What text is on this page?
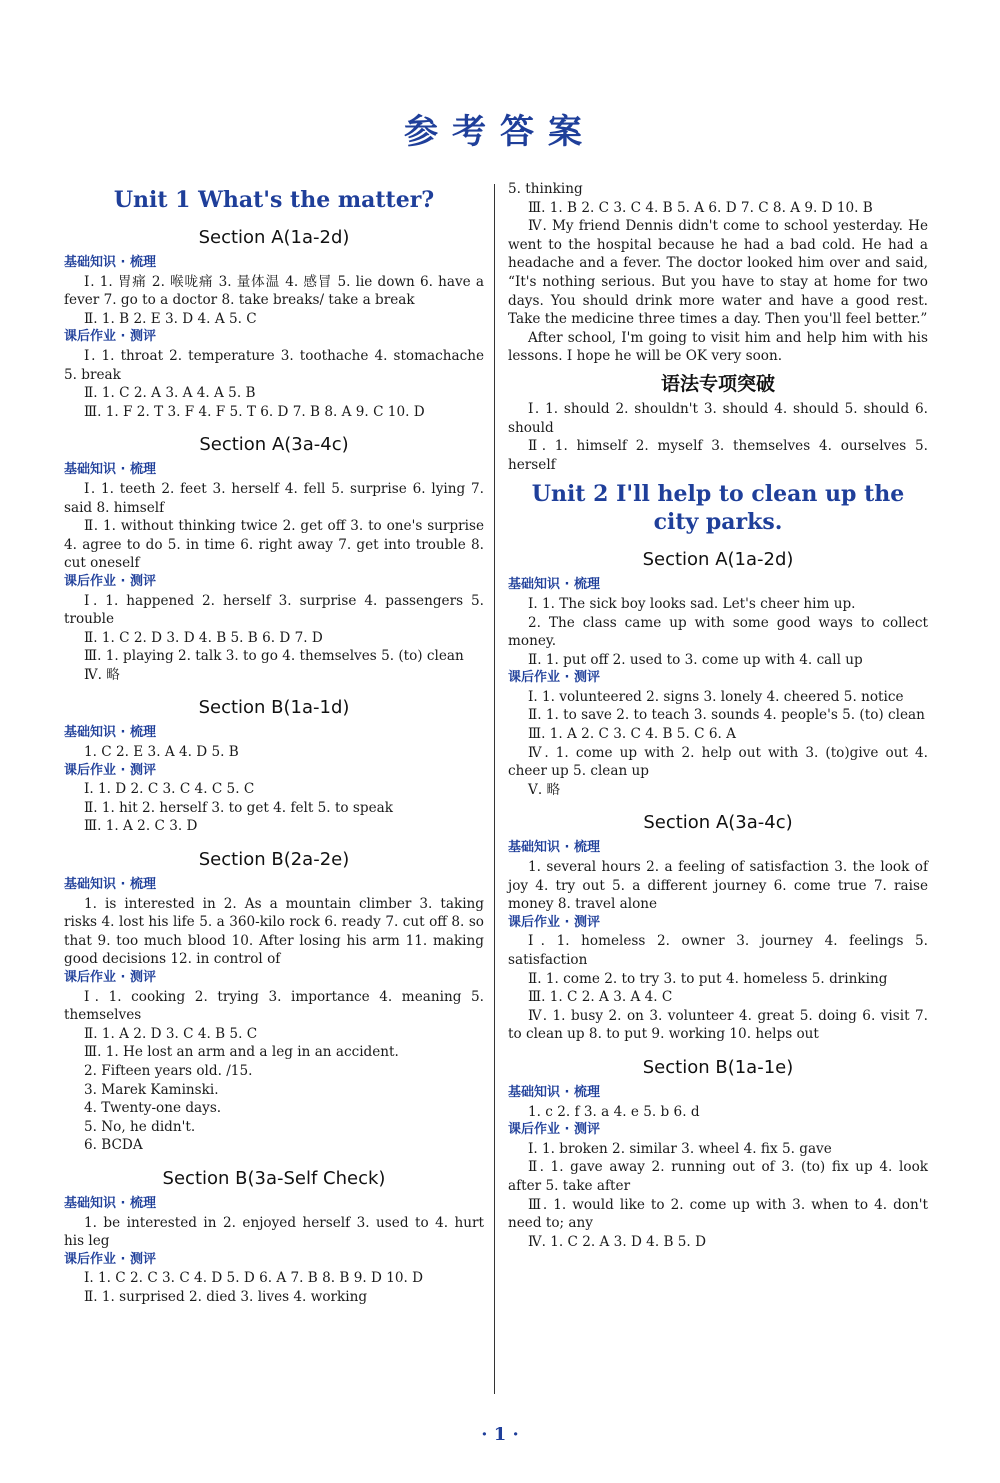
参考答案
Unit 1 What's the matter?
Section A(1a-2d)
基础知识 · 梳理
Ⅰ. 1. 胃痛 2. 喉咙痛 3. 量体温 4. 感冒 5. lie down 6. have a fever 7. go to a doctor 8. take breaks/ take a break
Ⅱ. 1. B 2. E 3. D 4. A 5. C
课后作业 · 测评
Ⅰ. 1. throat 2. temperature 3. toothache 4. stomachache 5. break
Ⅱ. 1. C 2. A 3. A 4. A 5. B
Ⅲ. 1. F 2. T 3. F 4. F 5. T 6. D 7. B 8. A 9. C 10. D
Section A(3a-4c)
基础知识 · 梳理
Ⅰ. 1. teeth 2. feet 3. herself 4. fell 5. surprise 6. lying 7. said 8. himself
Ⅱ. 1. without thinking twice 2. get off 3. to one's surprise 4. agree to do 5. in time 6. right away 7. get into trouble 8. cut oneself
课后作业 · 测评
Ⅰ. 1. happened 2. herself 3. surprise 4. passengers 5. trouble
Ⅱ. 1. C 2. D 3. D 4. B 5. B 6. D 7. D
Ⅲ. 1. playing 2. talk 3. to go 4. themselves 5. (to) clean
Ⅳ. 略
Section B(1a-1d)
基础知识 · 梳理
1. C 2. E 3. A 4. D 5. B
课后作业 · 测评
Ⅰ. 1. D 2. C 3. C 4. C 5. C
Ⅱ. 1. hit 2. herself 3. to get 4. felt 5. to speak
Ⅲ. 1. A 2. C 3. D
Section B(2a-2e)
基础知识 · 梳理
1. is interested in 2. As a mountain climber 3. taking risks 4. lost his life 5. a 360-kilo rock 6. ready 7. cut off 8. so that 9. too much blood 10. After losing his arm 11. making good decisions 12. in control of
课后作业 · 测评
Ⅰ. 1. cooking 2. trying 3. importance 4. meaning 5. themselves
Ⅱ. 1. A 2. D 3. C 4. B 5. C
Ⅲ. 1. He lost an arm and a leg in an accident.
2. Fifteen years old. /15.
3. Marek Kaminski.
4. Twenty-one days.
5. No, he didn't.
6. BCDA
Section B(3a-Self Check)
基础知识 · 梳理
1. be interested in 2. enjoyed herself 3. used to 4. hurt his leg
课后作业 · 测评
Ⅰ. 1. C 2. C 3. C 4. D 5. D 6. A 7. B 8. B 9. D 10. D
Ⅱ. 1. surprised 2. died 3. lives 4. working
5. thinking
Ⅲ. 1. B 2. C 3. C 4. B 5. A 6. D 7. C 8. A 9. D 10. B
Ⅳ. My friend Dennis didn't come to school yesterday. He went to the hospital because he had a bad cold. He had a headache and a fever. The doctor looked him over and said, “It's nothing serious. But you have to stay at home for two days. You should drink more water and have a good rest. Take the medicine three times a day. Then you'll feel better.”
After school, I'm going to visit him and help him with his lessons. I hope he will be OK very soon.
语法专项突破
Ⅰ. 1. should 2. shouldn't 3. should 4. should 5. should 6. should
Ⅱ. 1. himself 2. myself 3. themselves 4. ourselves 5. herself
Unit 2 I'll help to clean up the city parks.
Section A(1a-2d)
基础知识 · 梳理
Ⅰ. 1. The sick boy looks sad. Let's cheer him up.
2. The class came up with some good ways to collect money.
Ⅱ. 1. put off 2. used to 3. come up with 4. call up
课后作业 · 测评
Ⅰ. 1. volunteered 2. signs 3. lonely 4. cheered 5. notice
Ⅱ. 1. to save 2. to teach 3. sounds 4. people's 5. (to) clean
Ⅲ. 1. A 2. C 3. C 4. B 5. C 6. A
Ⅳ. 1. come up with 2. help out with 3. (to)give out 4. cheer up 5. clean up
Ⅴ. 略
Section A(3a-4c)
基础知识 · 梳理
1. several hours 2. a feeling of satisfaction 3. the look of joy 4. try out 5. a different journey 6. come true 7. raise money 8. travel alone
课后作业 · 测评
Ⅰ. 1. homeless 2. owner 3. journey 4. feelings 5. satisfaction
Ⅱ. 1. come 2. to try 3. to put 4. homeless 5. drinking
Ⅲ. 1. C 2. A 3. A 4. C
Ⅳ. 1. busy 2. on 3. volunteer 4. great 5. doing 6. visit 7. to clean up 8. to put 9. working 10. helps out
Section B(1a-1e)
基础知识 · 梳理
1. c 2. f 3. a 4. e 5. b 6. d
课后作业 · 测评
Ⅰ. 1. broken 2. similar 3. wheel 4. fix 5. gave
Ⅱ. 1. gave away 2. running out of 3. (to) fix up 4. look after 5. take after
Ⅲ. 1. would like to 2. come up with 3. when to 4. don't need to; any
Ⅳ. 1. C 2. A 3. D 4. B 5. D
· 1 ·
